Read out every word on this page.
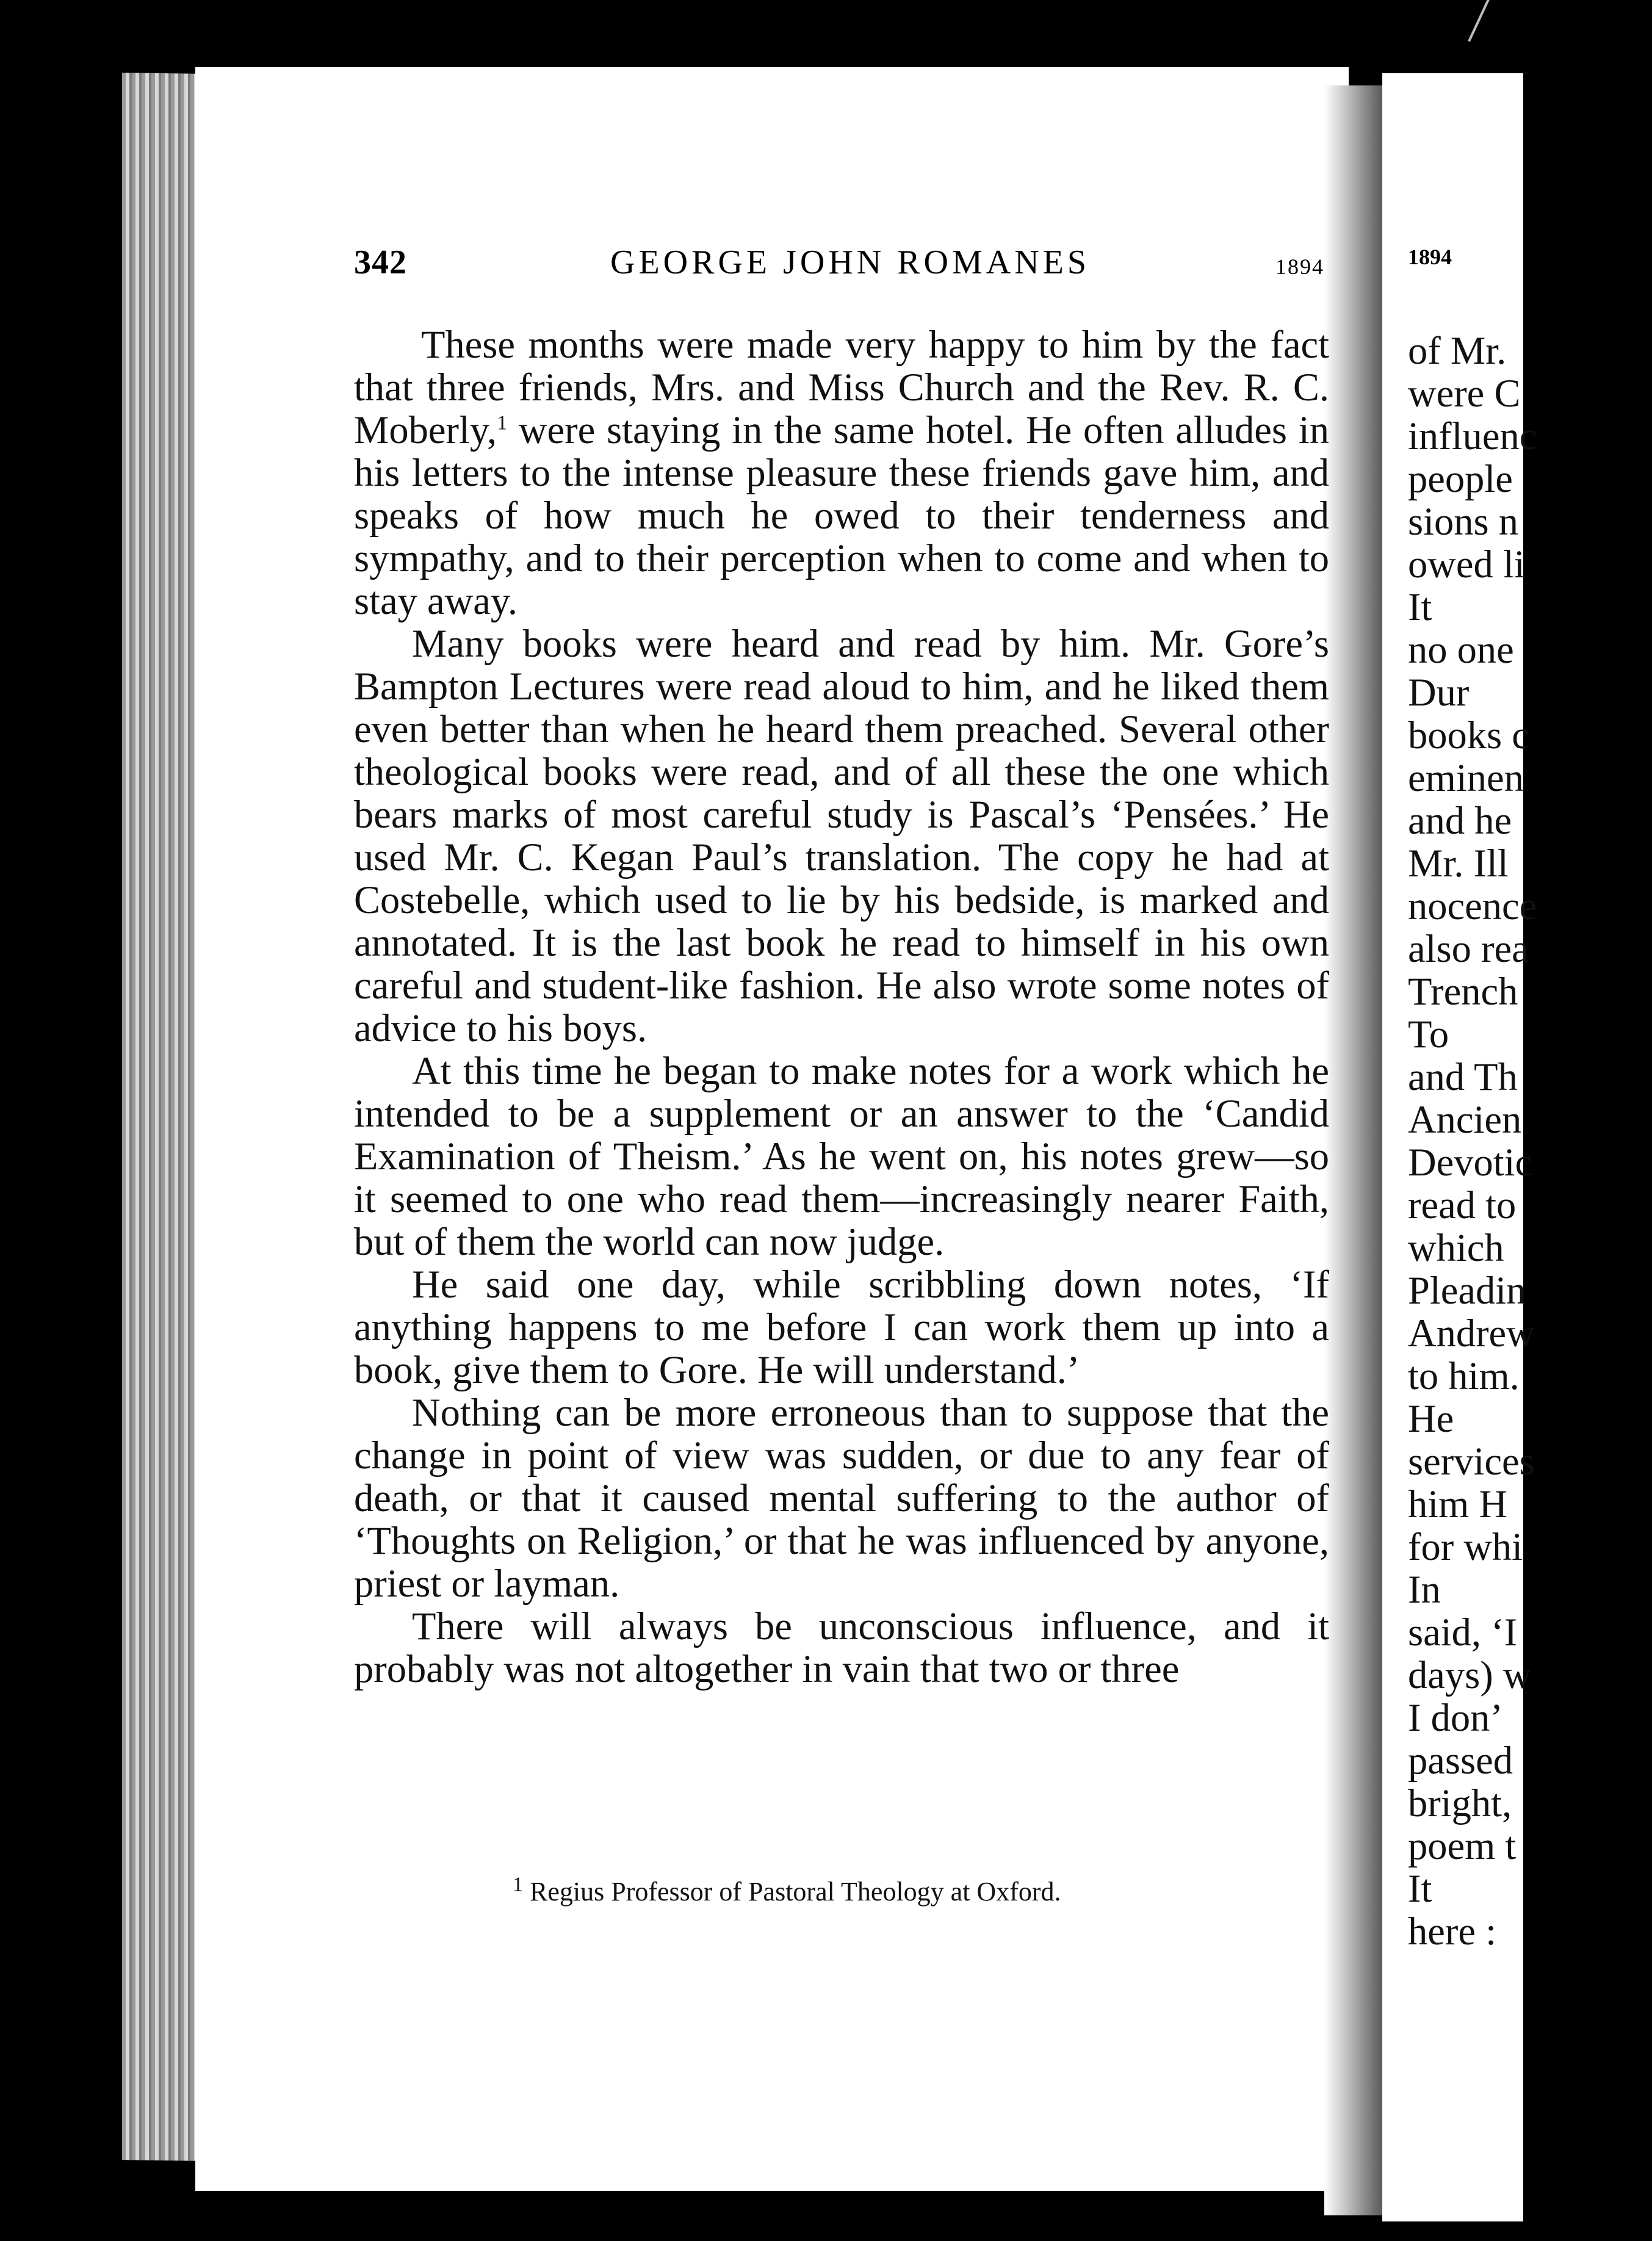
1894
of Mr.
were C
influenc
people
sions n
owed li
It
no one
Dur
books c
eminen
and he
Mr. Ill
nocence
also rea
Trench
To
and Th
Ancien
Devotic
read to
which
Pleadin
Andrew
to him.
He
services
him H
for whi
In
said, ‘I
days) w
I don’
passed
bright,
poem t
It
here :
342	GEORGE JOHN ROMANES	1894

These months were made very happy to him by the fact that three friends, Mrs. and Miss Church and the Rev. R. C. Moberly,$^1$ were staying in the same hotel. He often alludes in his letters to the intense pleasure these friends gave him, and speaks of how much he owed to their tenderness and sympathy, and to their perception when to come and when to stay away.

Many books were heard and read by him. Mr. Gore’s Bampton Lectures were read aloud to him, and he liked them even better than when he heard them preached. Several other theological books were read, and of all these the one which bears marks of most careful study is Pascal’s ‘Pensées.’ He used Mr. C. Kegan Paul’s translation. The copy he had at Costebelle, which used to lie by his bedside, is marked and annotated. It is the last book he read to himself in his own careful and student-like fashion. He also wrote some notes of advice to his boys.

At this time he began to make notes for a work which he intended to be a supplement or an answer to the ‘Candid Examination of Theism.’ As he went on, his notes grew—so it seemed to one who read them—increasingly nearer Faith, but of them the world can now judge.

He said one day, while scribbling down notes, ‘If anything happens to me before I can work them up into a book, give them to Gore. He will understand.’

Nothing can be more erroneous than to suppose that the change in point of view was sudden, or due to any fear of death, or that it caused mental suffering to the author of ‘Thoughts on Religion,’ or that he was influenced by anyone, priest or layman.

There will always be unconscious influence, and it probably was not altogether in vain that two or three

$^1$ Regius Professor of Pastoral Theology at Oxford.
